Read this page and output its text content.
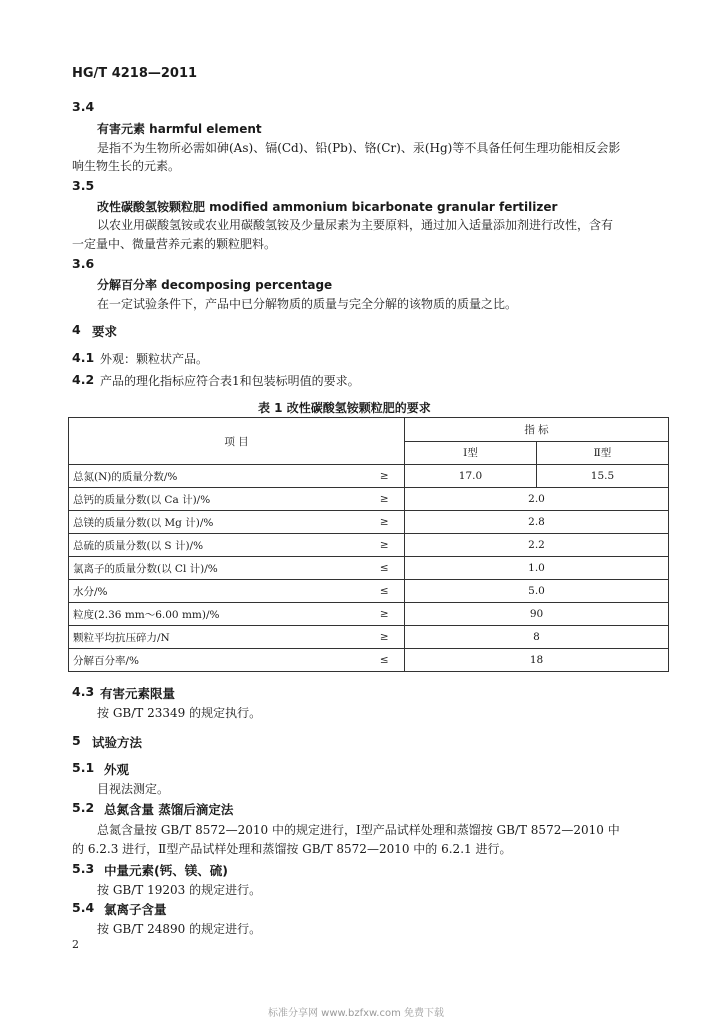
HG/T 4218—2011
3.4
有害元素 harmful element
是指不为生物所必需如砷(As)、镉(Cd)、铅(Pb)、铬(Cr)、汞(Hg)等不具备任何生理功能相反会影
响生物生长的元素。
3.5
改性碳酸氢铵颗粒肥 modified ammonium bicarbonate granular fertilizer
以农业用碳酸氢铵或农业用碳酸氢铵及少量尿素为主要原料，通过加入适量添加剂进行改性，含有
一定量中、微量营养元素的颗粒肥料。
3.6
分解百分率 decomposing percentage
在一定试验条件下，产品中已分解物质的质量与完全分解的该物质的质量之比。
4 要求
4.1 外观：颗粒状产品。
4.2 产品的理化指标应符合表1和包装标明值的要求。
表 1 改性碳酸氢铵颗粒肥的要求
项 目		指 标	
		Ⅰ型	Ⅱ型
总氮(N)的质量分数/%	≥	17.0	15.5
总钙的质量分数(以 Ca 计)/%	≥	2.0	
总镁的质量分数(以 Mg 计)/%	≥	2.8	
总硫的质量分数(以 S 计)/%	≥	2.2	
氯离子的质量分数(以 Cl 计)/%	≤	1.0	
水分/%	≤	5.0	
粒度(2.36 mm～6.00 mm)/%	≥	90	
颗粒平均抗压碎力/N	≥	8	
分解百分率/%	≤	18	
4.3 有害元素限量
按 GB/T 23349 的规定执行。
5 试验方法
5.1 外观
目视法测定。
5.2 总氮含量 蒸馏后滴定法
总氮含量按 GB/T 8572—2010 中的规定进行，Ⅰ型产品试样处理和蒸馏按 GB/T 8572—2010 中
的 6.2.3 进行，Ⅱ型产品试样处理和蒸馏按 GB/T 8572—2010 中的 6.2.1 进行。
5.3 中量元素(钙、镁、硫)
按 GB/T 19203 的规定进行。
5.4 氯离子含量
按 GB/T 24890 的规定进行。
2
标准分享网 www.bzfxw.com 免费下载
